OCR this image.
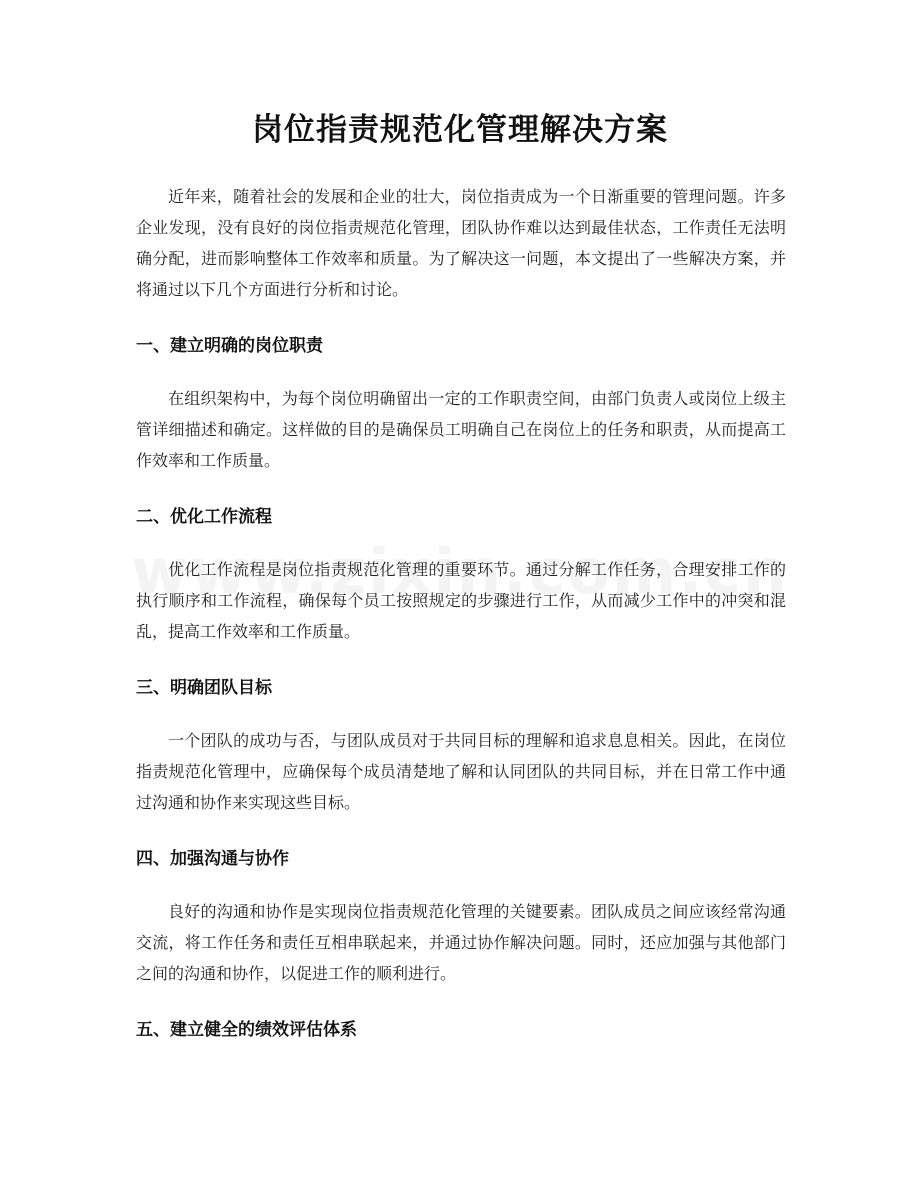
岗位指责规范化管理解决方案

近年来，随着社会的发展和企业的壮大，岗位指责成为一个日渐重要的管理问题。许多企业发现，没有良好的岗位指责规范化管理，团队协作难以达到最佳状态，工作责任无法明确分配，进而影响整体工作效率和质量。为了解决这一问题，本文提出了一些解决方案，并将通过以下几个方面进行分析和讨论。

一、建立明确的岗位职责

在组织架构中，为每个岗位明确留出一定的工作职责空间，由部门负责人或岗位上级主管详细描述和确定。这样做的目的是确保员工明确自己在岗位上的任务和职责，从而提高工作效率和工作质量。

二、优化工作流程

优化工作流程是岗位指责规范化管理的重要环节。通过分解工作任务，合理安排工作的执行顺序和工作流程，确保每个员工按照规定的步骤进行工作，从而减少工作中的冲突和混乱，提高工作效率和工作质量。

三、明确团队目标

一个团队的成功与否，与团队成员对于共同目标的理解和追求息息相关。因此，在岗位指责规范化管理中，应确保每个成员清楚地了解和认同团队的共同目标，并在日常工作中通过沟通和协作来实现这些目标。

四、加强沟通与协作

良好的沟通和协作是实现岗位指责规范化管理的关键要素。团队成员之间应该经常沟通交流，将工作任务和责任互相串联起来，并通过协作解决问题。同时，还应加强与其他部门之间的沟通和协作，以促进工作的顺利进行。

五、建立健全的绩效评估体系
